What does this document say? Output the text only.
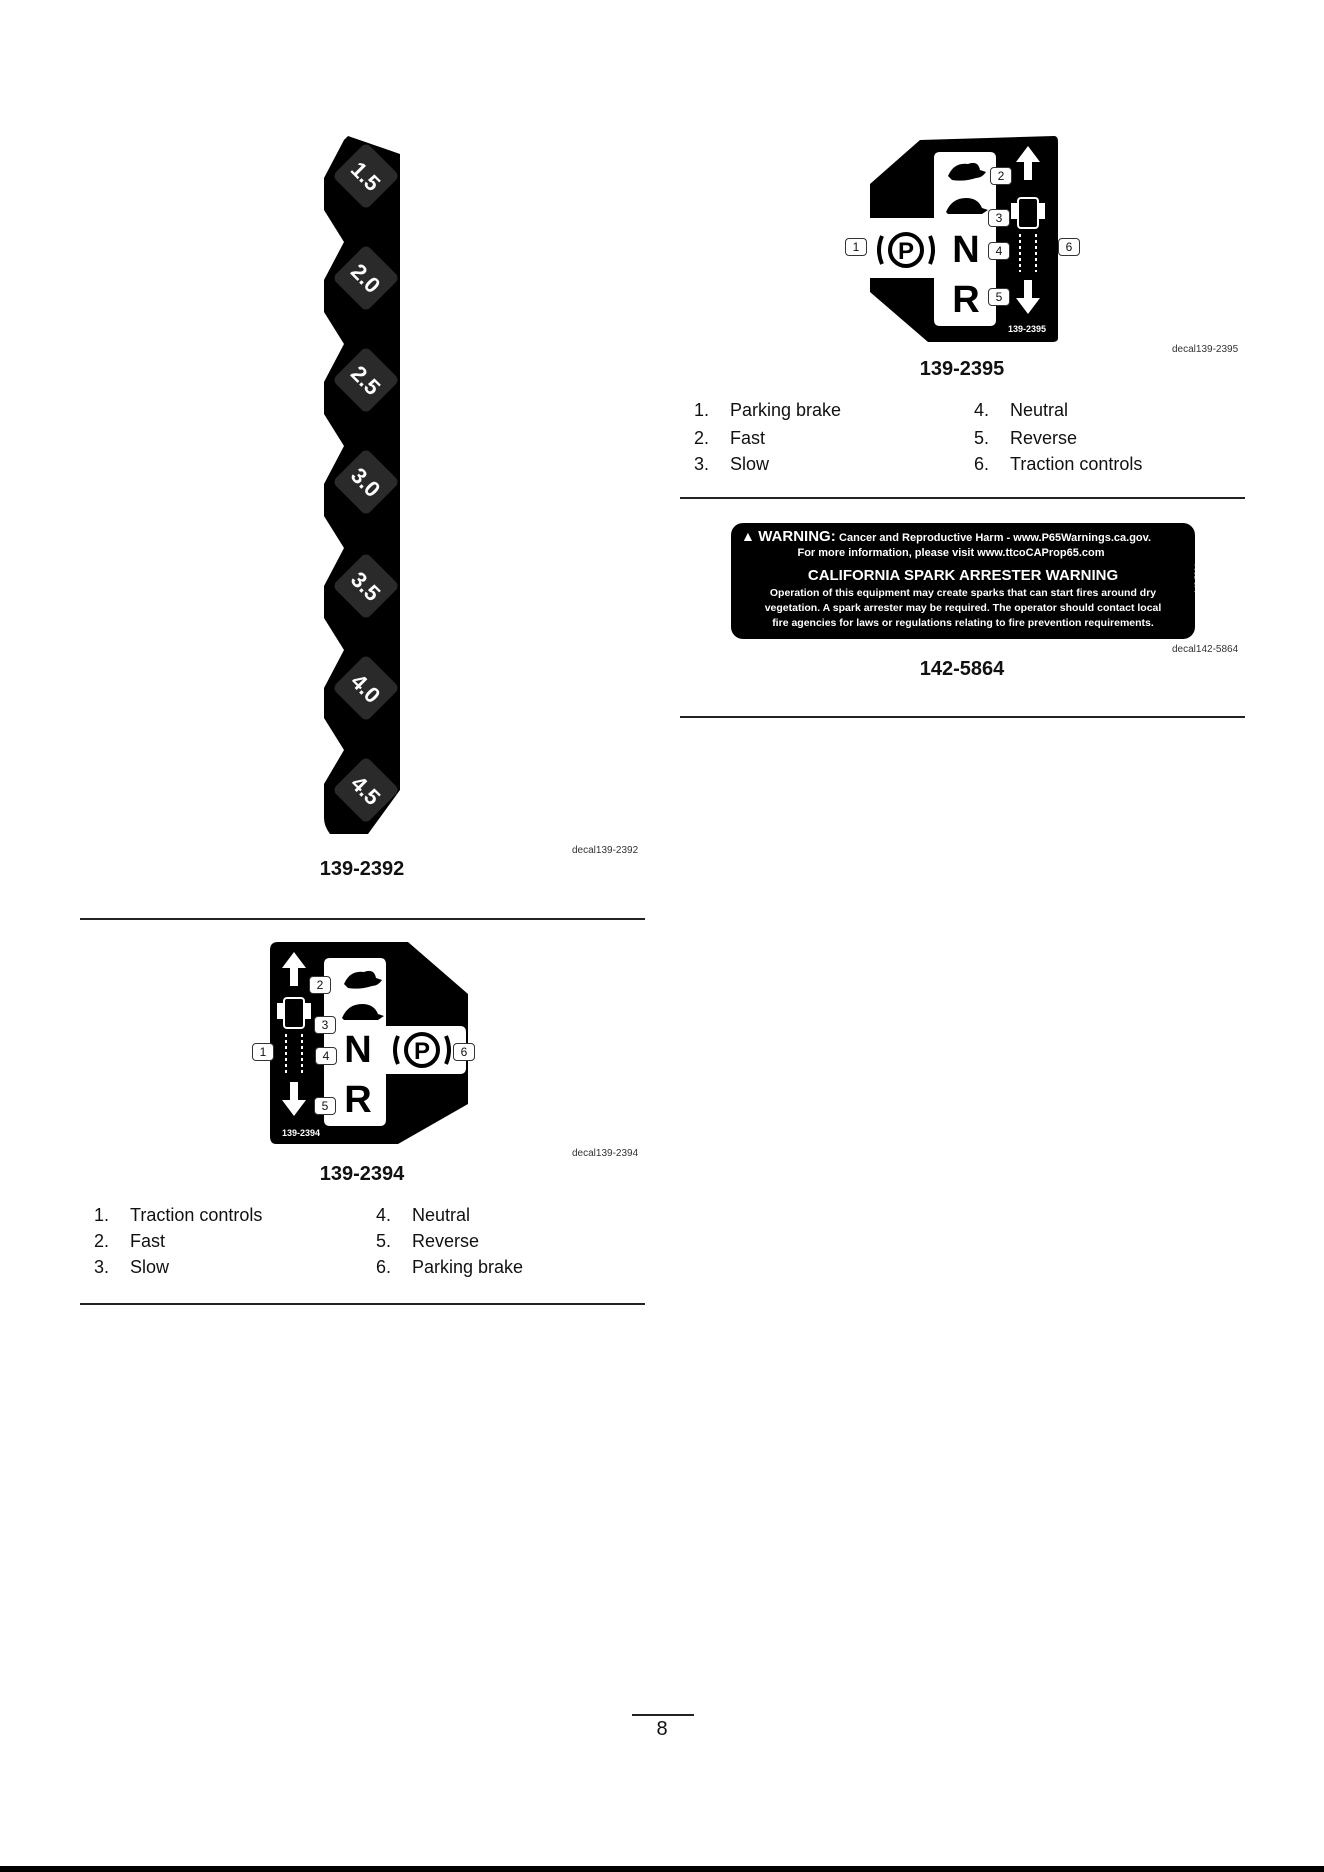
1.5
2.0
2.5
3.0
3.5
4.0
4.5
decal139-2392
139-2392
N
R
P
139-2394
1
2
3
4
5
6
decal139-2394
139-2394
1. Traction controls
2. Fast
3. Slow
4. Neutral
5. Reverse
6. Parking brake
P N
R
139-2395
1
2
3
4
5
6
decal139-2395
139-2395
1. Parking brake
2. Fast
3. Slow
4. Neutral
5. Reverse
6. Traction controls
▲ WARNING: Cancer and Reproductive Harm - www.P65Warnings.ca.gov.
For more information, please visit www.ttcoCAProp65.com
CALIFORNIA SPARK ARRESTER WARNING
Operation of this equipment may create sparks that can start fires around dry
vegetation. A spark arrester may be required. The operator should contact local
fire agencies for laws or regulations relating to fire prevention requirements.
142-5864
decal142-5864
142-5864
8
